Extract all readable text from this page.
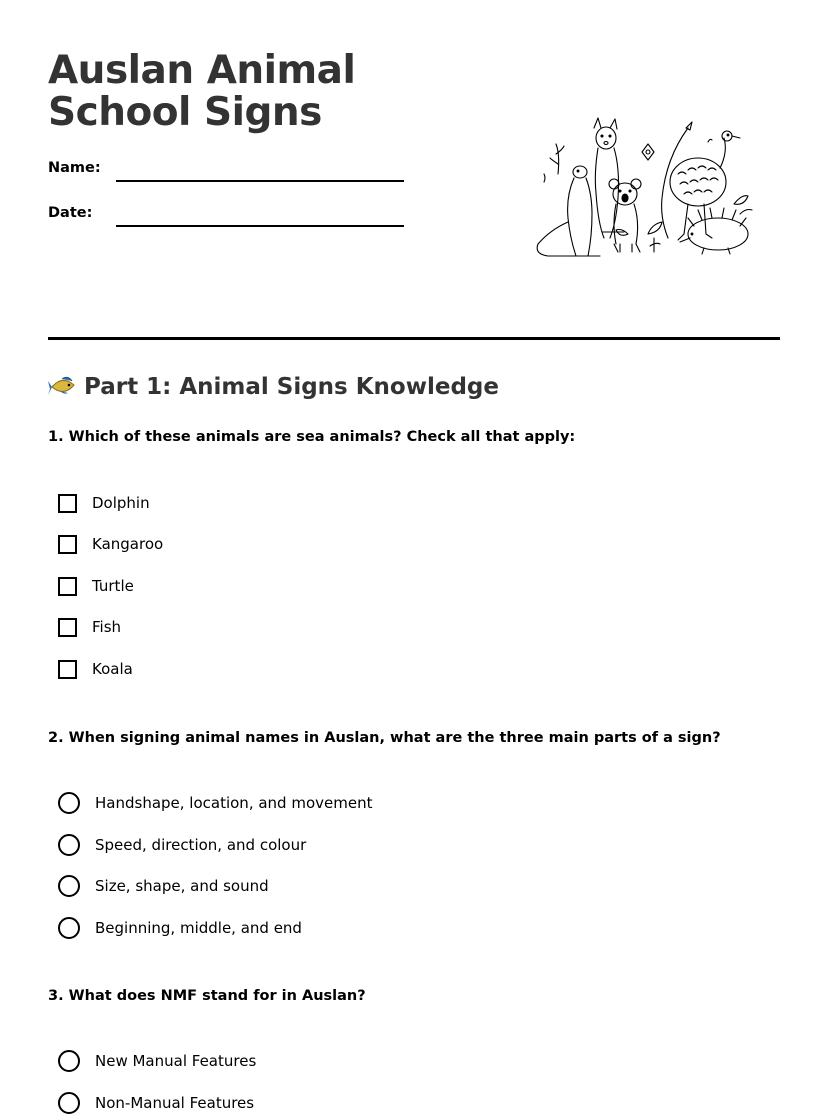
Auslan Animal School Signs
Name:
Date:
Part 1: Animal Signs Knowledge

1. Which of these animals are sea animals? Check all that apply:

Dolphin
Kangaroo
Turtle
Fish
Koala

2. When signing animal names in Auslan, what are the three main parts of a sign?

Handshape, location, and movement
Speed, direction, and colour
Size, shape, and sound
Beginning, middle, and end

3. What does NMF stand for in Auslan?

New Manual Features
Non-Manual Features
